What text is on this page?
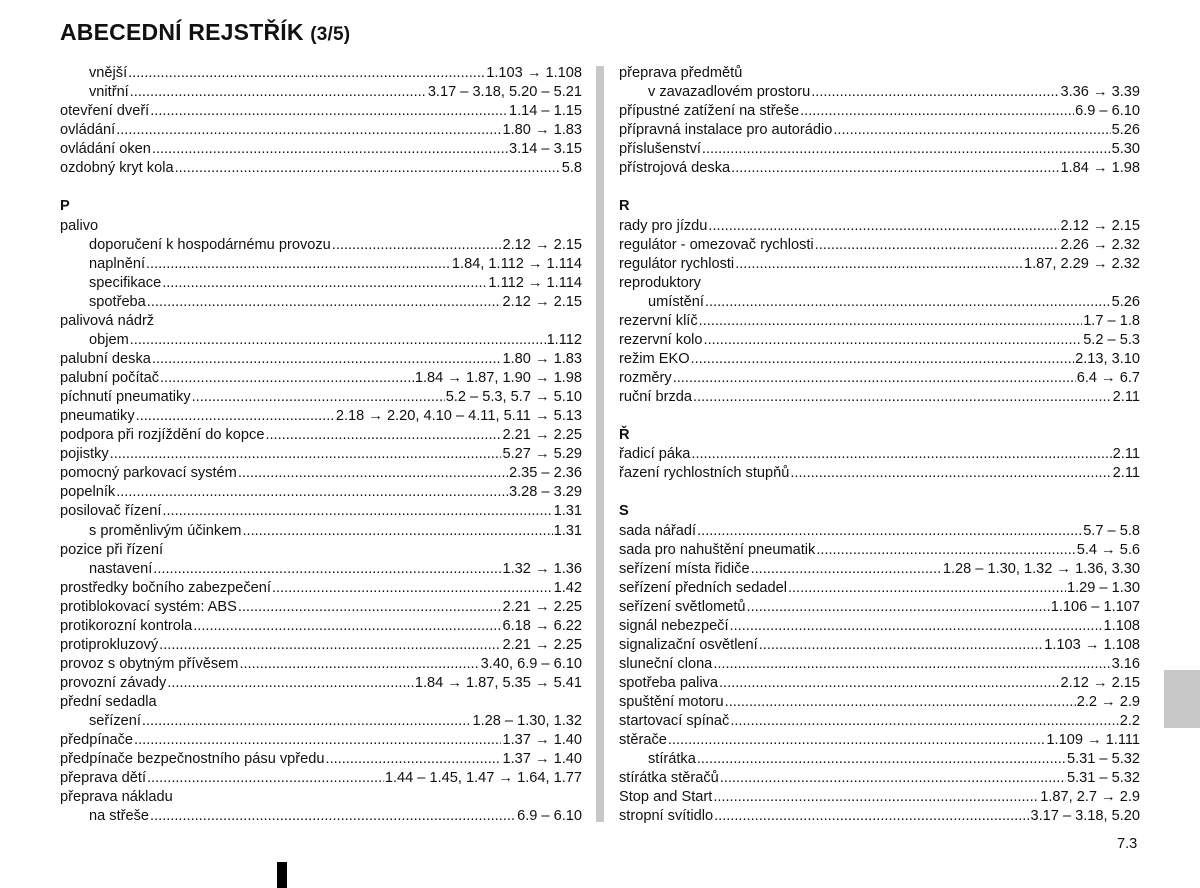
ABECEDNÍ REJSTŘÍK (3/5)
vnější .....	1.103 → 1.108
vnitřní .....	3.17 – 3.18, 5.20 – 5.21
otevření dveří .....	1.14 – 1.15
ovládání .....	1.80 → 1.83
ovládání oken .....	3.14 – 3.15
ozdobný kryt kola .....	5.8
P
palivo
doporučení k hospodárnému provozu .....	2.12 → 2.15
naplnění .....	1.84, 1.112 → 1.114
specifikace .....	1.112 → 1.114
spotřeba .....	2.12 → 2.15
palivová nádrž
objem .....	1.112
palubní deska .....	1.80 → 1.83
palubní počítač .....	1.84 → 1.87, 1.90 → 1.98
píchnutí pneumatiky .....	5.2 – 5.3, 5.7 → 5.10
pneumatiky .....	2.18 → 2.20, 4.10 – 4.11, 5.11 → 5.13
podpora při rozjíždění do kopce .....	2.21 → 2.25
pojistky .....	5.27 → 5.29
pomocný parkovací systém .....	2.35 – 2.36
popelník .....	3.28 – 3.29
posilovač řízení .....	1.31
s proměnlivým účinkem .....	1.31
pozice při řízení
nastavení .....	1.32 → 1.36
prostředky bočního zabezpečení .....	1.42
protiblokovací systém: ABS .....	2.21 → 2.25
protikorozní kontrola .....	6.18 → 6.22
protiprokluzový .....	2.21 → 2.25
provoz s obytným přívěsem .....	3.40, 6.9 – 6.10
provozní závady .....	1.84 → 1.87, 5.35 → 5.41
přední sedadla
seřízení .....	1.28 – 1.30, 1.32
předpínače .....	1.37 → 1.40
předpínače bezpečnostního pásu vpředu .....	1.37 → 1.40
přeprava dětí .....	1.44 – 1.45, 1.47 → 1.64, 1.77
přeprava nákladu
na střeše .....	6.9 – 6.10
přeprava předmětů
v zavazadlovém prostoru .....	3.36 → 3.39
přípustné zatížení na střeše .....	6.9 – 6.10
přípravná instalace pro autorádio .....	5.26
příslušenství .....	5.30
přístrojová deska .....	1.84 → 1.98
R
rady pro jízdu .....	2.12 → 2.15
regulátor - omezovač rychlosti .....	2.26 → 2.32
regulátor rychlosti .....	1.87, 2.29 → 2.32
reproduktory
umístění .....	5.26
rezervní klíč .....	1.7 – 1.8
rezervní kolo .....	5.2 – 5.3
režim EKO .....	2.13, 3.10
rozměry .....	6.4 → 6.7
ruční brzda .....	2.11
Ř
řadicí páka .....	2.11
řazení rychlostních stupňů .....	2.11
S
sada nářadí .....	5.7 – 5.8
sada pro nahuštění pneumatik .....	5.4 → 5.6
seřízení místa řidiče .....	1.28 – 1.30, 1.32 → 1.36, 3.30
seřízení předních sedadel .....	1.29 – 1.30
seřízení světlometů .....	1.106 – 1.107
signál nebezpečí .....	1.108
signalizační osvětlení .....	1.103 → 1.108
sluneční clona .....	3.16
spotřeba paliva .....	2.12 → 2.15
spuštění motoru .....	2.2 → 2.9
startovací spínač .....	2.2
stěrače .....	1.109 → 1.111
stírátka .....	5.31 – 5.32
stírátka stěračů .....	5.31 – 5.32
Stop and Start .....	1.87, 2.7 → 2.9
stropní svítidlo .....	3.17 – 3.18, 5.20
7.3
